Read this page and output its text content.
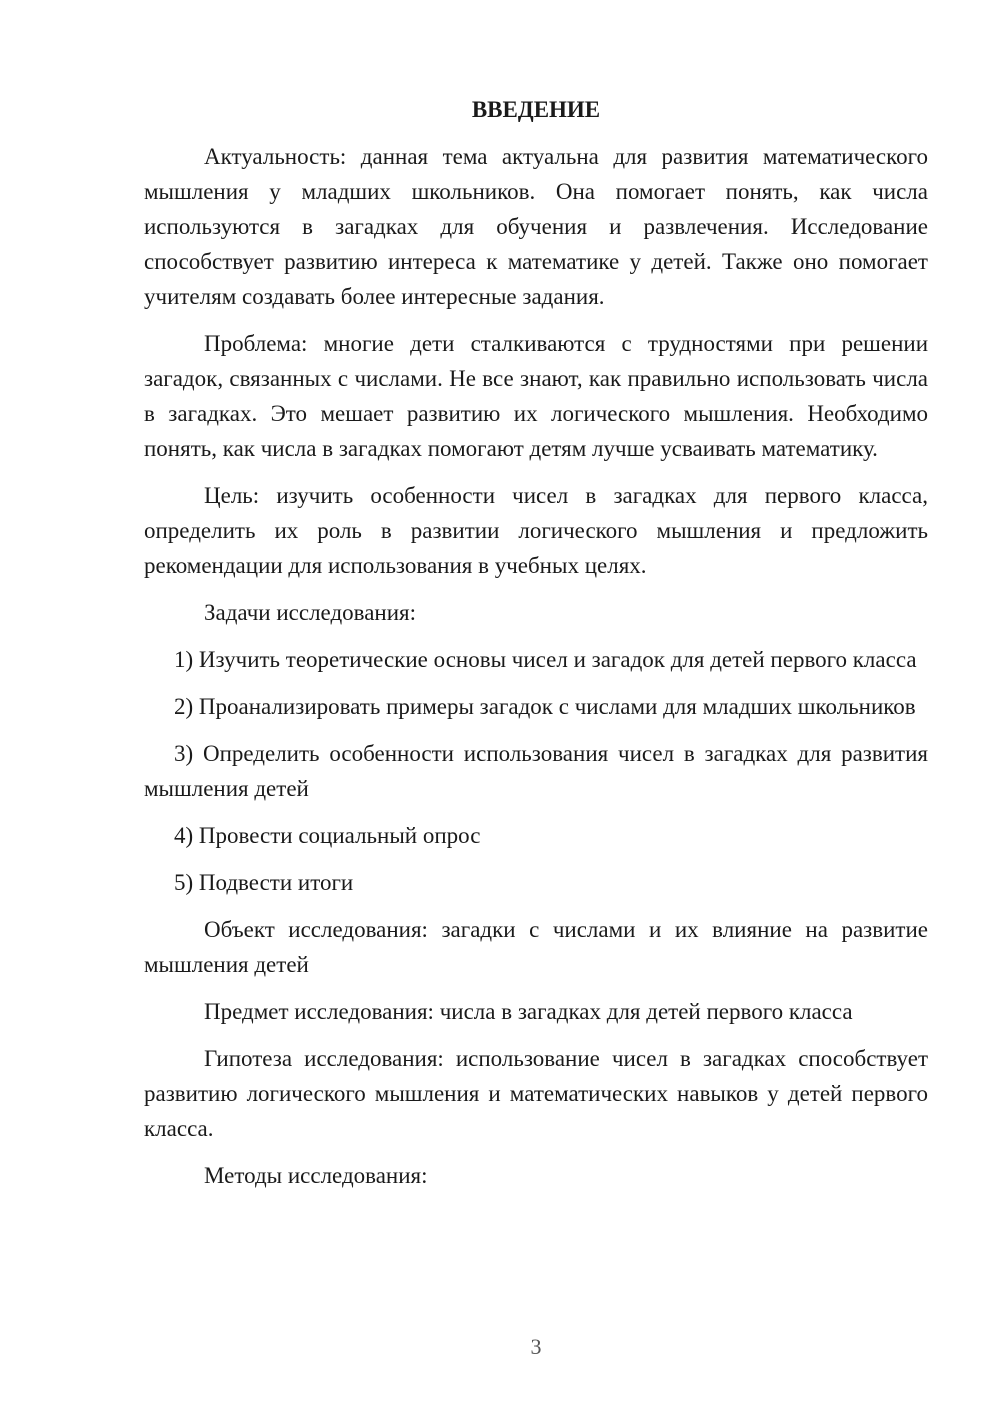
ВВЕДЕНИЕ

Актуальность: данная тема актуальна для развития математического мышления у младших школьников. Она помогает понять, как числа используются в загадках для обучения и развлечения. Исследование способствует развитию интереса к математике у детей. Также оно помогает учителям создавать более интересные задания.

Проблема: многие дети сталкиваются с трудностями при решении загадок, связанных с числами. Не все знают, как правильно использовать числа в загадках. Это мешает развитию их логического мышления. Необходимо понять, как числа в загадках помогают детям лучше усваивать математику.

Цель: изучить особенности чисел в загадках для первого класса, определить их роль в развитии логического мышления и предложить рекомендации для использования в учебных целях.

Задачи исследования:

1) Изучить теоретические основы чисел и загадок для детей первого класса

2) Проанализировать примеры загадок с числами для младших школьников

3) Определить особенности использования чисел в загадках для развития мышления детей

4) Провести социальный опрос

5) Подвести итоги

Объект исследования: загадки с числами и их влияние на развитие мышления детей

Предмет исследования: числа в загадках для детей первого класса

Гипотеза исследования: использование чисел в загадках способствует развитию логического мышления и математических навыков у детей первого класса.

Методы исследования:

3
